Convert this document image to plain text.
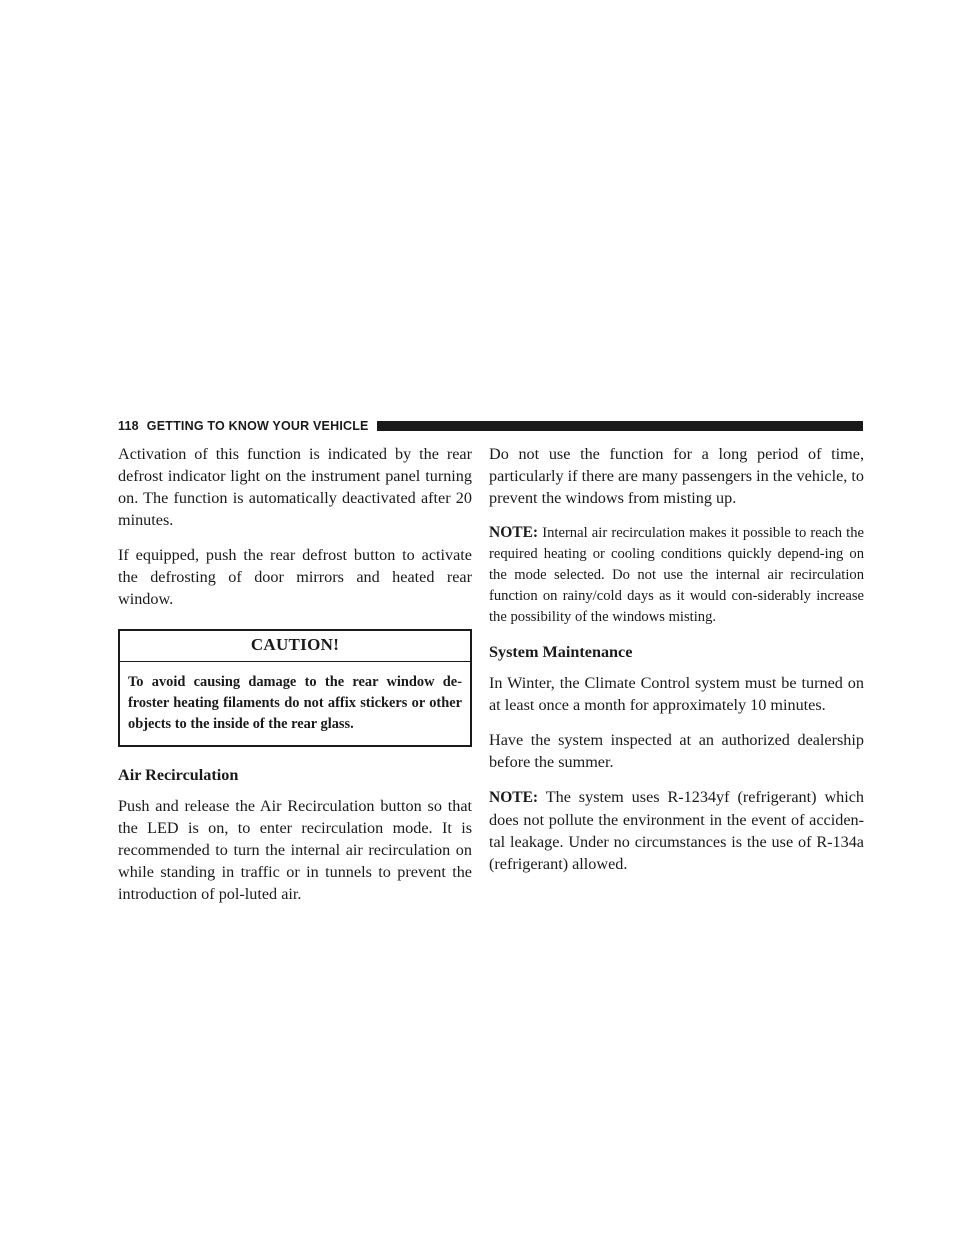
118 GETTING TO KNOW YOUR VEHICLE

Activation of this function is indicated by the rear defrost indicator light on the instrument panel turning on. The function is automatically deactivated after 20 minutes.

If equipped, push the rear defrost button to activate the defrosting of door mirrors and heated rear window.

CAUTION!
To avoid causing damage to the rear window de-froster heating filaments do not affix stickers or other objects to the inside of the rear glass.
Air Recirculation

Push and release the Air Recirculation button so that the LED is on, to enter recirculation mode. It is recommended to turn the internal air recirculation on while standing in traffic or in tunnels to prevent the introduction of pol-luted air.

Do not use the function for a long period of time, particularly if there are many passengers in the vehicle, to prevent the windows from misting up.

NOTE: Internal air recirculation makes it possible to reach the required heating or cooling conditions quickly depend-ing on the mode selected. Do not use the internal air recirculation function on rainy/cold days as it would con-siderably increase the possibility of the windows misting.

System Maintenance

In Winter, the Climate Control system must be turned on at least once a month for approximately 10 minutes.

Have the system inspected at an authorized dealership before the summer.

NOTE: The system uses R-1234yf (refrigerant) which does not pollute the environment in the event of acciden-tal leakage. Under no circumstances is the use of R-134a (refrigerant) allowed.
